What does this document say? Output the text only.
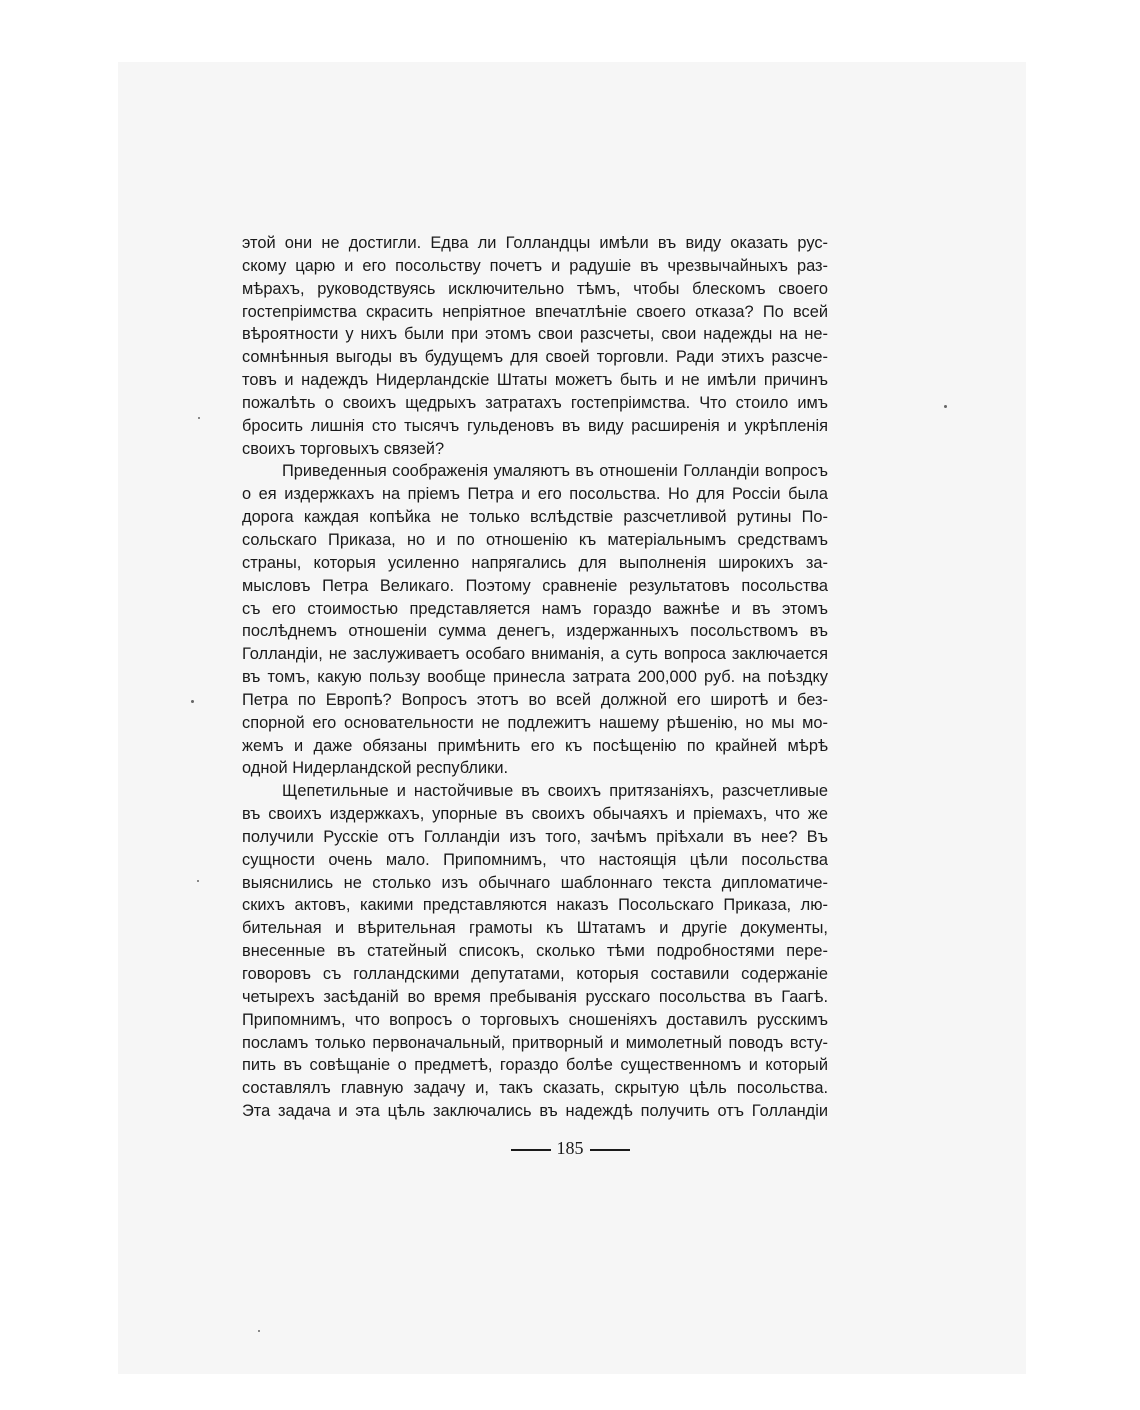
этой они не достигли. Едва ли Голландцы имѣли въ виду оказать рус-
скому царю и его посольству почетъ и радушіе въ чрезвычайныхъ раз-
мѣрахъ, руководствуясь исключительно тѣмъ, чтобы блескомъ своего
гостепріимства скрасить непріятное впечатлѣніе своего отказа? По всей
вѣроятности у нихъ были при этомъ свои разсчеты, свои надежды на не-
сомнѣнныя выгоды въ будущемъ для своей торговли. Ради этихъ разсче-
товъ и надеждъ Нидерландскіе Штаты можетъ быть и не имѣли причинъ
пожалѣть о своихъ щедрыхъ затратахъ гостепріимства. Что стоило имъ
бросить лишнія сто тысячъ гульденовъ въ виду расширенія и укрѣпленія
своихъ торговыхъ связей?
Приведенныя соображенія умаляютъ въ отношеніи Голландіи вопросъ
о ея издержкахъ на пріемъ Петра и его посольства. Но для Россіи была
дорога каждая копѣйка не только вслѣдствіе разсчетливой рутины По-
сольскаго Приказа, но и по отношенію къ матеріальнымъ средствамъ
страны, которыя усиленно напрягались для выполненія широкихъ за-
мысловъ Петра Великаго. Поэтому сравненіе результатовъ посольства
съ его стоимостью представляется намъ гораздо важнѣе и въ этомъ
послѣднемъ отношеніи сумма денегъ, издержанныхъ посольствомъ въ
Голландіи, не заслуживаетъ особаго вниманія, а суть вопроса заключается
въ томъ, какую пользу вообще принесла затрата 200,000 руб. на поѣздку
Петра по Европѣ? Вопросъ этотъ во всей должной его широтѣ и без-
спорной его основательности не подлежитъ нашему рѣшенію, но мы мо-
жемъ и даже обязаны примѣнить его къ посѣщенію по крайней мѣрѣ
одной Нидерландской республики.
Щепетильные и настойчивые въ своихъ притязаніяхъ, разсчетливые
въ своихъ издержкахъ, упорные въ своихъ обычаяхъ и пріемахъ, что же
получили Русскіе отъ Голландіи изъ того, зачѣмъ пріѣхали въ нее? Въ
сущности очень мало. Припомнимъ, что настоящія цѣли посольства
выяснились не столько изъ обычнаго шаблоннаго текста дипломатиче-
скихъ актовъ, какими представляются наказъ Посольскаго Приказа, лю-
бительная и вѣрительная грамоты къ Штатамъ и другіе документы,
внесенные въ статейный списокъ, сколько тѣми подробностями пере-
говоровъ съ голландскими депутатами, которыя составили содержаніе
четырехъ засѣданій во время пребыванія русскаго посольства въ Гаагѣ.
Припомнимъ, что вопросъ о торговыхъ сношеніяхъ доставилъ русскимъ
посламъ только первоначальный, притворный и мимолетный поводъ всту-
пить въ совѣщаніе о предметѣ, гораздо болѣе существенномъ и который
составлялъ главную задачу и, такъ сказать, скрытую цѣль посольства.
Эта задача и эта цѣль заключались въ надеждѣ получить отъ Голландіи
185
